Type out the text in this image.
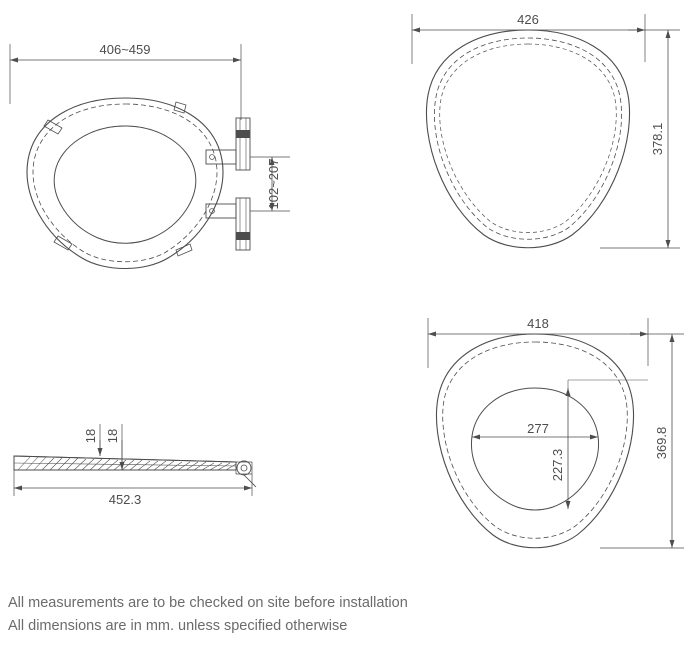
406~459
102~207
426
378.1
18 18
452.3
418
369.8
277
227.3
All measurements are to be checked on site before installation
All dimensions are in mm. unless specified otherwise
